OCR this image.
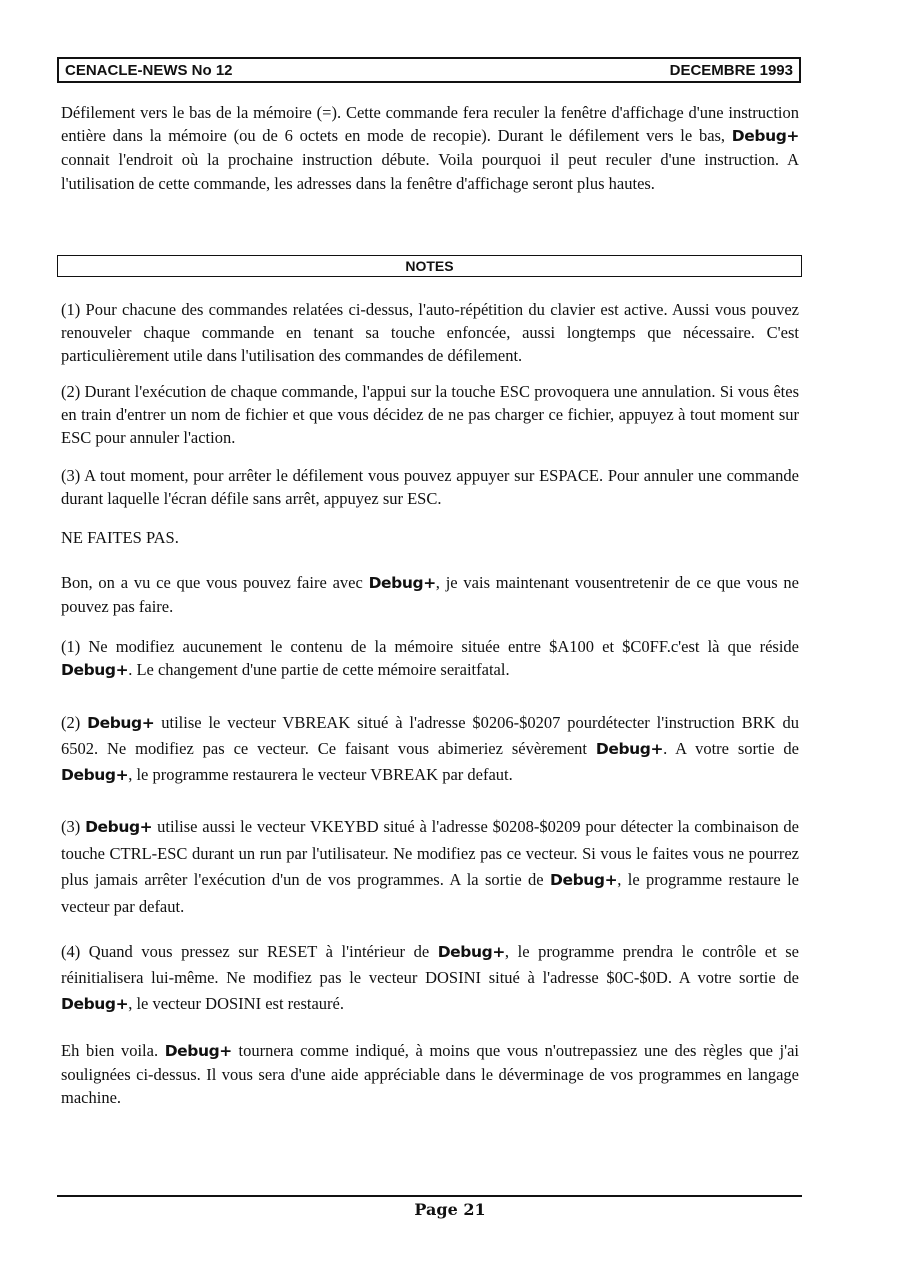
CENACLE-NEWS No 12	DECEMBRE 1993

Défilement vers le bas de la mémoire (=). Cette commande fera reculer la fenêtre d'affichage d'une instruction entière dans la mémoire (ou de 6 octets en mode de recopie). Durant le défilement vers le bas, Debug+ connait l'endroit où la prochaine instruction débute. Voila pourquoi il peut reculer d'une instruction. A l'utilisation de cette commande, les adresses dans la fenêtre d'affichage seront plus hautes.

NOTES

(1) Pour chacune des commandes relatées ci-dessus, l'auto-répétition du clavier est active. Aussi vous pouvez renouveler chaque commande en tenant sa touche enfoncée, aussi longtemps que nécessaire. C'est particulièrement utile dans l'utilisation des commandes de défilement.

(2) Durant l'exécution de chaque commande, l'appui sur la touche ESC provoquera une annulation. Si vous êtes en train d'entrer un nom de fichier et que vous décidez de ne pas charger ce fichier, appuyez à tout moment sur ESC pour annuler l'action.

(3) A tout moment, pour arrêter le défilement vous pouvez appuyer sur ESPACE. Pour annuler une commande durant laquelle l'écran défile sans arrêt, appuyez sur ESC.

NE FAITES PAS.

Bon, on a vu ce que vous pouvez faire avec Debug+, je vais maintenant vousentretenir de ce que vous ne pouvez pas faire.

(1) Ne modifiez aucunement le contenu de la mémoire située entre $A100 et $C0FF.c'est là que réside Debug+. Le changement d'une partie de cette mémoire seraitfatal.

(2) Debug+ utilise le vecteur VBREAK situé à l'adresse $0206-$0207 pourdétecter l'instruction BRK du 6502. Ne modifiez pas ce vecteur. Ce faisant vous abimeriez sévèrement Debug+. A votre sortie de Debug+, le programme restaurera le vecteur VBREAK par defaut.

(3) Debug+ utilise aussi le vecteur VKEYBD situé à l'adresse $0208-$0209 pour détecter la combinaison de touche CTRL-ESC durant un run par l'utilisateur. Ne modifiez pas ce vecteur. Si vous le faites vous ne pourrez plus jamais arrêter l'exécution d'un de vos programmes. A la sortie de Debug+, le programme restaure le vecteur par defaut.

(4) Quand vous pressez sur RESET à l'intérieur de Debug+, le programme prendra le contrôle et se réinitialisera lui-même. Ne modifiez pas le vecteur DOSINI situé à l'adresse $0C-$0D. A votre sortie de Debug+, le vecteur DOSINI est restauré.

Eh bien voila. Debug+ tournera comme indiqué, à moins que vous n'outrepassiez une des règles que j'ai soulignées ci-dessus. Il vous sera d'une aide appréciable dans le déverminage de vos programmes en langage machine.

Page 21
